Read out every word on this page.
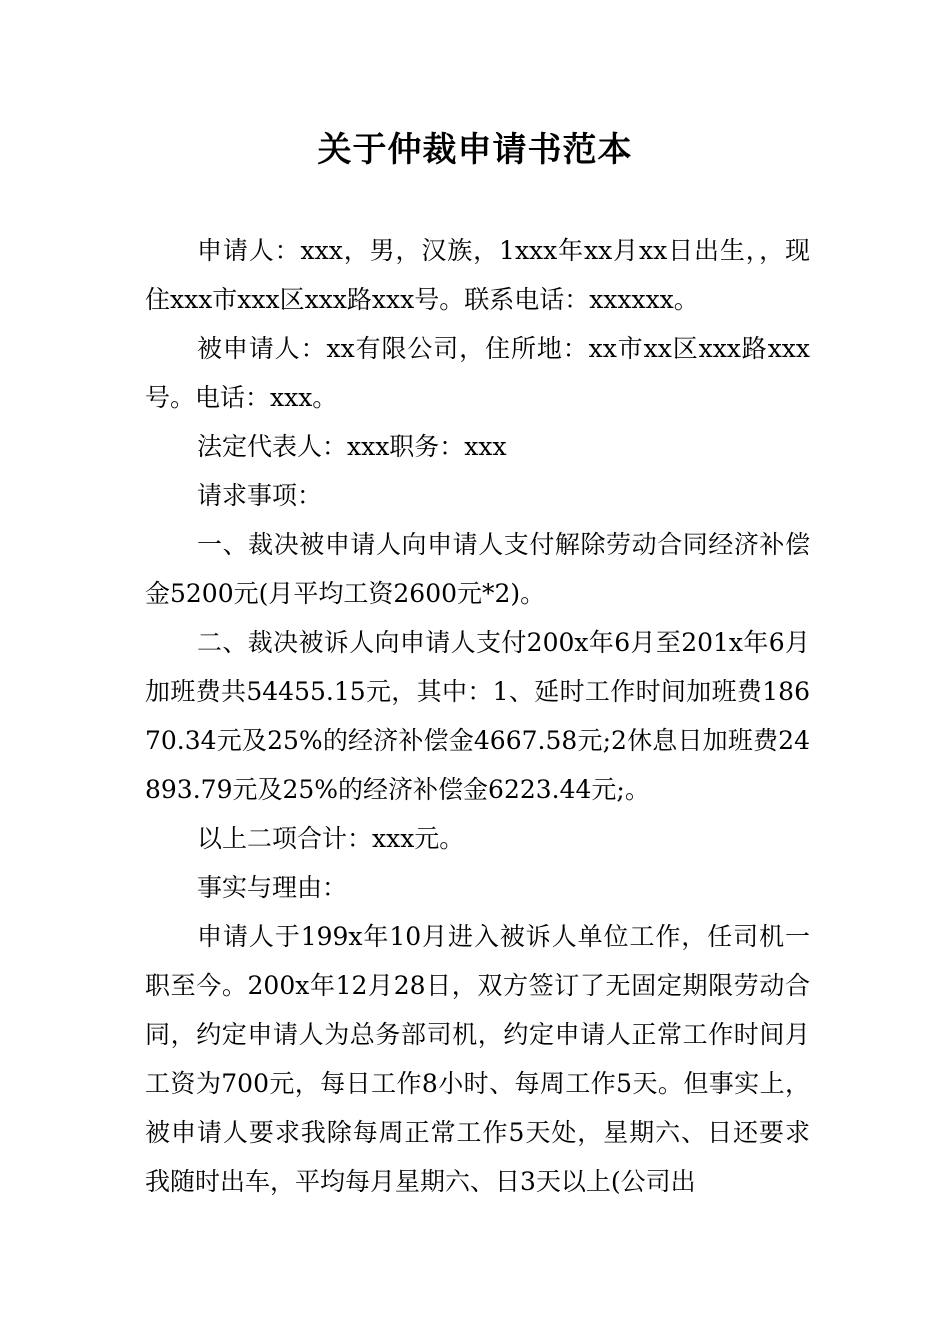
关于仲裁申请书范本

申请人：xxx，男，汉族，1xxx年xx月xx日出生，，现住xxx市xxx区xxx路xxx号。联系电话：xxxxxx。

被申请人：xx有限公司，住所地：xx市xx区xxx路xxx号。电话：xxx。

法定代表人：xxx职务：xxx

请求事项：

一、裁决被申请人向申请人支付解除劳动合同经济补偿金5200元(月平均工资2600元*2)。

二、裁决被诉人向申请人支付200x年6月至201x年6月加班费共54455.15元，其中：1、延时工作时间加班费18670.34元及25%的经济补偿金4667.58元;2休息日加班费24893.79元及25%的经济补偿金6223.44元;。

以上二项合计：xxx元。

事实与理由：

申请人于199x年10月进入被诉人单位工作，任司机一职至今。200x年12月28日，双方签订了无固定期限劳动合同，约定申请人为总务部司机，约定申请人正常工作时间月工资为700元，每日工作8小时、每周工作5天。但事实上，被申请人要求我除每周正常工作5天处，星期六、日还要求我随时出车，平均每月星期六、日3天以上(公司出
